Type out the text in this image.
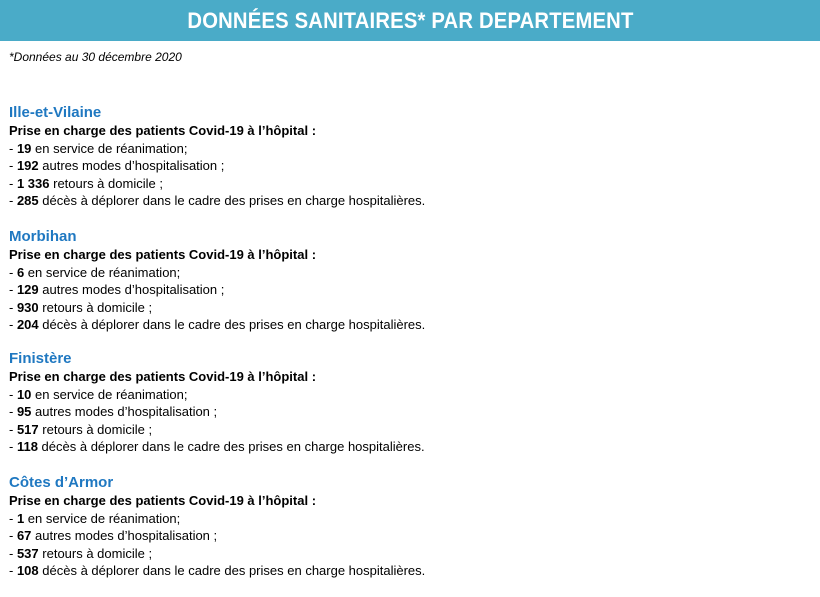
DONNÉES SANITAIRES* PAR DEPARTEMENT
*Données au 30 décembre 2020
Ille-et-Vilaine
Prise en charge des patients Covid-19 à l’hôpital :
- 19 en service de réanimation;
- 192 autres modes d’hospitalisation ;
- 1 336 retours à domicile ;
- 285 décès à déplorer dans le cadre des prises en charge hospitalières.
Morbihan
Prise en charge des patients Covid-19 à l’hôpital :
- 6 en service de réanimation;
- 129 autres modes d’hospitalisation ;
- 930 retours à domicile ;
- 204 décès à déplorer dans le cadre des prises en charge hospitalières.
Finistère
Prise en charge des patients Covid-19 à l’hôpital :
- 10 en service de réanimation;
- 95 autres modes d’hospitalisation ;
- 517 retours à domicile ;
- 118 décès à déplorer dans le cadre des prises en charge hospitalières.
Côtes d’Armor
Prise en charge des patients Covid-19 à l’hôpital :
- 1 en service de réanimation;
- 67 autres modes d’hospitalisation ;
- 537 retours à domicile ;
- 108 décès à déplorer dans le cadre des prises en charge hospitalières.
